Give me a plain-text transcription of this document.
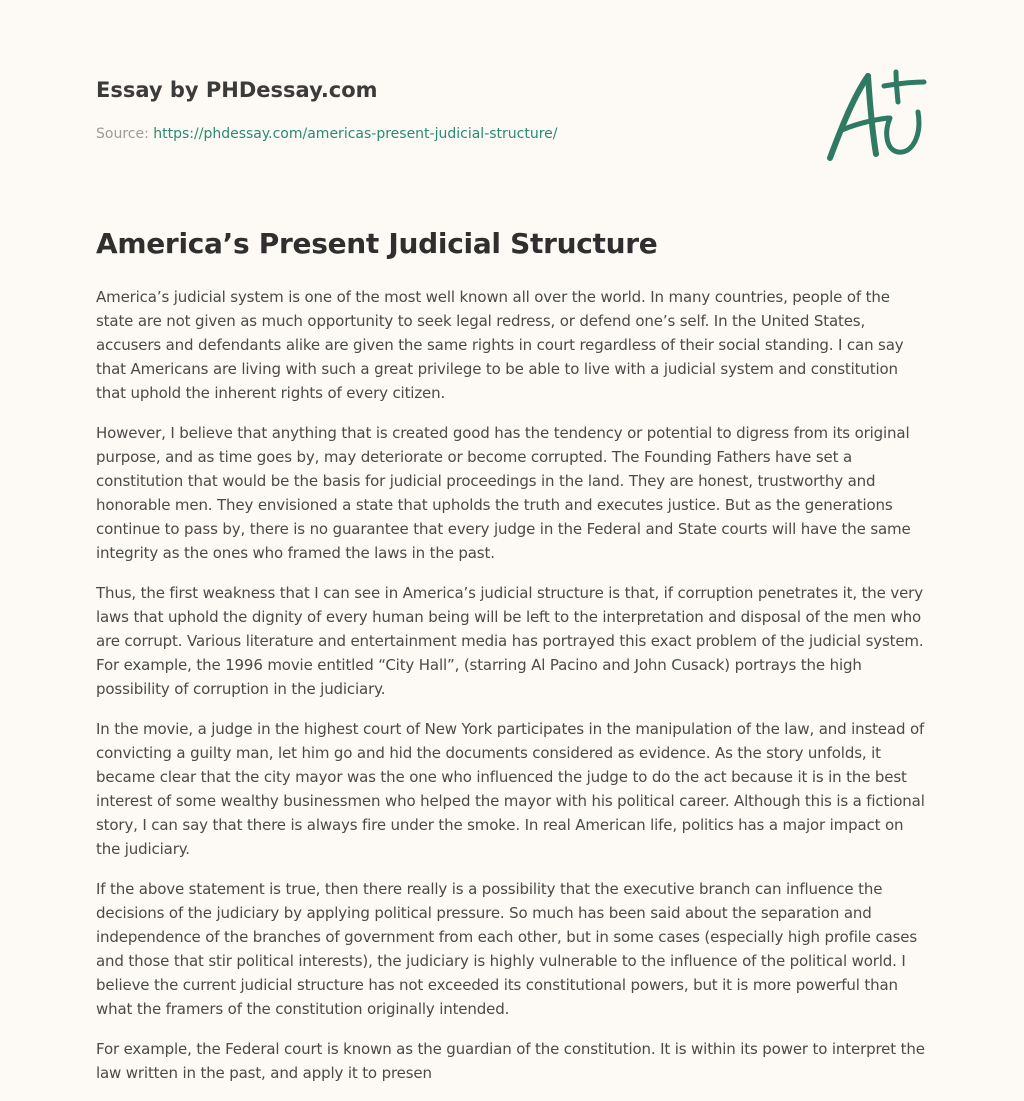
Essay by PHDessay.com
Source: https://phdessay.com/americas-present-judicial-structure/
America’s Present Judicial Structure

America’s judicial system is one of the most well known all over the world. In many countries, people of the state are not given as much opportunity to seek legal redress, or defend one’s self. In the United States, accusers and defendants alike are given the same rights in court regardless of their social standing. I can say that Americans are living with such a great privilege to be able to live with a judicial system and constitution that uphold the inherent rights of every citizen.

However, I believe that anything that is created good has the tendency or potential to digress from its original purpose, and as time goes by, may deteriorate or become corrupted. The Founding Fathers have set a constitution that would be the basis for judicial proceedings in the land. They are honest, trustworthy and honorable men. They envisioned a state that upholds the truth and executes justice. But as the generations continue to pass by, there is no guarantee that every judge in the Federal and State courts will have the same integrity as the ones who framed the laws in the past.

Thus, the first weakness that I can see in America’s judicial structure is that, if corruption penetrates it, the very laws that uphold the dignity of every human being will be left to the interpretation and disposal of the men who are corrupt. Various literature and entertainment media has portrayed this exact problem of the judicial system. For example, the 1996 movie entitled “City Hall”, (starring Al Pacino and John Cusack) portrays the high possibility of corruption in the judiciary.

In the movie, a judge in the highest court of New York participates in the manipulation of the law, and instead of convicting a guilty man, let him go and hid the documents considered as evidence. As the story unfolds, it became clear that the city mayor was the one who influenced the judge to do the act because it is in the best interest of some wealthy businessmen who helped the mayor with his political career. Although this is a fictional story, I can say that there is always fire under the smoke. In real American life, politics has a major impact on the judiciary.

If the above statement is true, then there really is a possibility that the executive branch can influence the decisions of the judiciary by applying political pressure. So much has been said about the separation and independence of the branches of government from each other, but in some cases (especially high profile cases and those that stir political interests), the judiciary is highly vulnerable to the influence of the political world. I believe the current judicial structure has not exceeded its constitutional powers, but it is more powerful than what the framers of the constitution originally intended.

For example, the Federal court is known as the guardian of the constitution. It is within its power to interpret the law written in the past, and apply it to presen
